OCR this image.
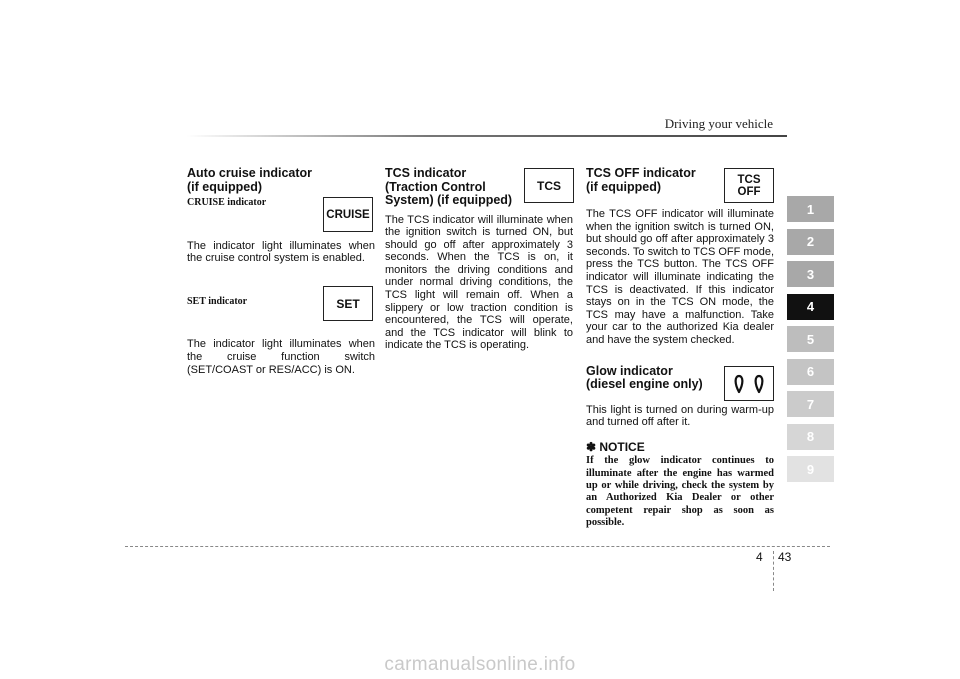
Driving your vehicle

Auto cruise indicator
(if equipped)

CRUISE indicator

The indicator light illuminates when the cruise control system is enabled.

SET indicator

The indicator light illuminates when the cruise function switch (SET/COAST or RES/ACC) is ON.

CRUISE
SET

TCS indicator
(Traction Control
System) (if equipped)

The TCS indicator will illuminate when the ignition switch is turned ON, but should go off after approximately 3 seconds. When the TCS is on, it monitors the driving conditions and under normal driving conditions, the TCS light will remain off. When a slippery or low traction condition is encountered, the TCS will operate, and the TCS indicator will blink to indicate the TCS is operating.

TCS

TCS OFF indicator
(if equipped)

The TCS OFF indicator will illuminate when the ignition switch is turned ON, but should go off after approximately 3 seconds. To switch to TCS OFF mode, press the TCS button. The TCS OFF indicator will illuminate indicating the TCS is deactivated. If this indicator stays on in the TCS ON mode, the TCS may have a malfunction. Take your car to the authorized Kia dealer and have the system checked.

Glow indicator
(diesel engine only)

This light is turned on during warm-up and turned off after it.

✽ NOTICE

If the glow indicator continues to illuminate after the engine has warmed up or while driving, check the system by an Authorized Kia Dealer or other competent repair shop as soon as possible.

TCS
OFF
1
2
3
4
5
6
7
8
9
4 43
carmanualsonline.info
